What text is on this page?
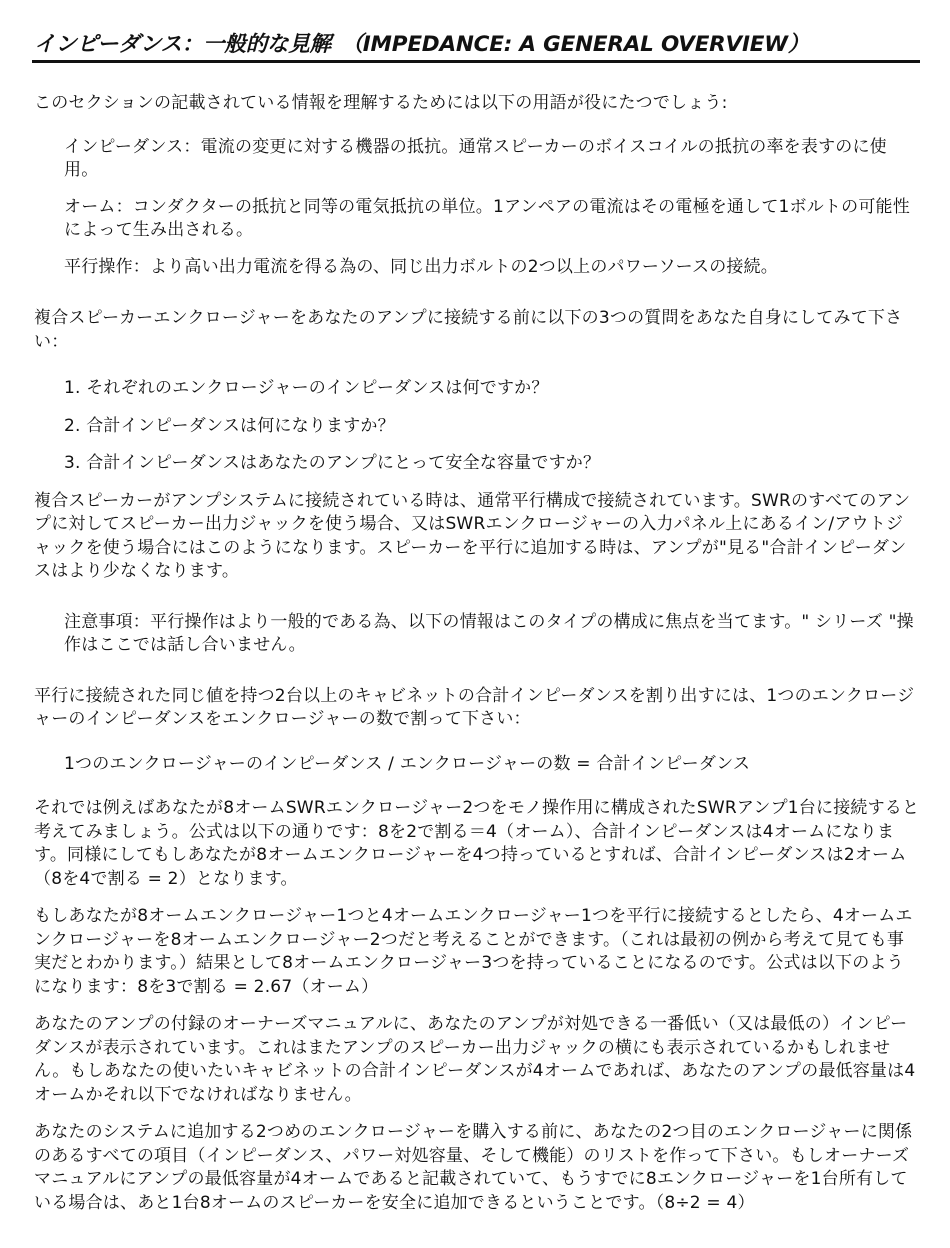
インピーダンス：一般的な見解　（IMPEDANCE: A GENERAL OVERVIEW）

このセクションの記載されている情報を理解するためには以下の用語が役にたつでしょう:

インピーダンス：電流の変更に対する機器の抵抗。通常スピーカーのボイスコイルの抵抗の率を表すのに使用。

オーム：コンダクターの抵抗と同等の電気抵抗の単位。1アンペアの電流はその電極を通して1ボルトの可能性によって生み出される。

平行操作：より高い出力電流を得る為の、同じ出力ボルトの2つ以上のパワーソースの接続。

複合スピーカーエンクロージャーをあなたのアンプに接続する前に以下の3つの質問をあなた自身にしてみて下さい：

1. それぞれのエンクロージャーのインピーダンスは何ですか？

2. 合計インピーダンスは何になりますか？

3. 合計インピーダンスはあなたのアンプにとって安全な容量ですか？

複合スピーカーがアンプシステムに接続されている時は、通常平行構成で接続されています。SWRのすべてのアンプに対してスピーカー出力ジャックを使う場合、又はSWRエンクロージャーの入力パネル上にあるイン/アウトジャックを使う場合にはこのようになります。スピーカーを平行に追加する時は、アンプが"見る"合計インピーダンスはより少なくなります。

注意事項：平行操作はより一般的である為、以下の情報はこのタイプの構成に焦点を当てます。" シリーズ "操作はここでは話し合いません。

平行に接続された同じ値を持つ2台以上のキャビネットの合計インピーダンスを割り出すには、1つのエンクロージャーのインピーダンスをエンクロージャーの数で割って下さい：

1つのエンクロージャーのインピーダンス / エンクロージャーの数 = 合計インピーダンス

それでは例えばあなたが8オームSWRエンクロージャー2つをモノ操作用に構成されたSWRアンプ1台に接続すると考えてみましょう。公式は以下の通りです：8を2で割る＝4（オーム）、合計インピーダンスは4オームになります。同様にしてもしあなたが8オームエンクロージャーを4つ持っているとすれば、合計インピーダンスは2オーム（8を4で割る = 2）となります。

もしあなたが8オームエンクロージャー1つと4オームエンクロージャー1つを平行に接続するとしたら、4オームエンクロージャーを8オームエンクロージャー2つだと考えることができます。（これは最初の例から考えて見ても事実だとわかります。）結果として8オームエンクロージャー3つを持っていることになるのです。公式は以下のようになります：8を3で割る = 2.67（オーム）

あなたのアンプの付録のオーナーズマニュアルに、あなたのアンプが対処できる一番低い（又は最低の）インピーダンスが表示されています。これはまたアンプのスピーカー出力ジャックの横にも表示されているかもしれません。もしあなたの使いたいキャビネットの合計インピーダンスが4オームであれば、あなたのアンプの最低容量は4オームかそれ以下でなければなりません。

あなたのシステムに追加する2つめのエンクロージャーを購入する前に、あなたの2つ目のエンクロージャーに関係のあるすべての項目（インピーダンス、パワー対処容量、そして機能）のリストを作って下さい。もしオーナーズマニュアルにアンプの最低容量が4オームであると記載されていて、もうすでに8エンクロージャーを1台所有している場合は、あと1台8オームのスピーカーを安全に追加できるということです。（8÷2 = 4）
